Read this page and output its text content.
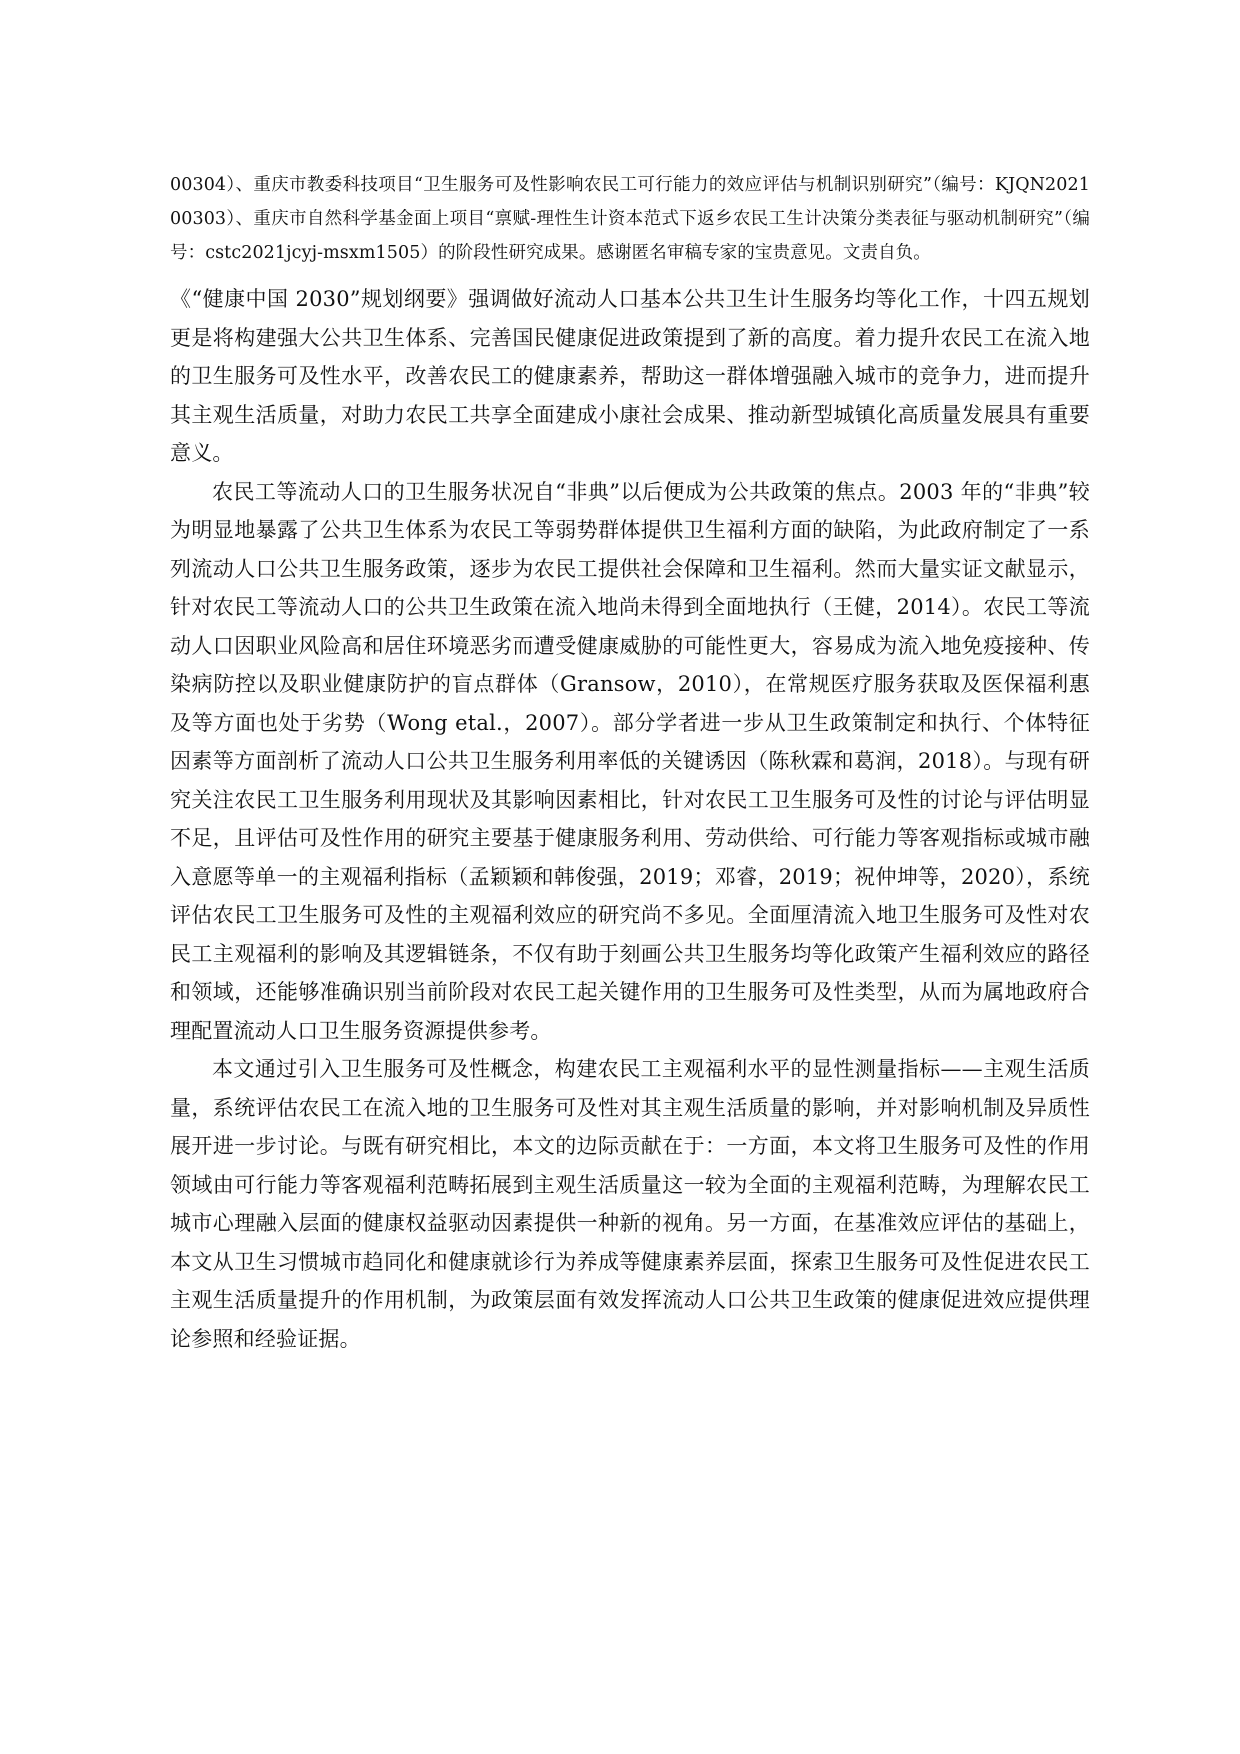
00304）、重庆市教委科技项目“卫生服务可及性影响农民工可行能力的效应评估与机制识别研究”（编号：KJQN2021 00303）、重庆市自然科学基金面上项目“禀赋-理性生计资本范式下返乡农民工生计决策分类表征与驱动机制研究”（编号：cstc2021jcyj-msxm1505）的阶段性研究成果。感谢匿名审稿专家的宝贵意见。文责自负。

《“健康中国 2030”规划纲要》强调做好流动人口基本公共卫生计生服务均等化工作，十四五规划更是将构建强大公共卫生体系、完善国民健康促进政策提到了新的高度。着力提升农民工在流入地的卫生服务可及性水平，改善农民工的健康素养，帮助这一群体增强融入城市的竞争力，进而提升其主观生活质量，对助力农民工共享全面建成小康社会成果、推动新型城镇化高质量发展具有重要意义。

农民工等流动人口的卫生服务状况自“非典”以后便成为公共政策的焦点。2003 年的“非典”较为明显地暴露了公共卫生体系为农民工等弱势群体提供卫生福利方面的缺陷，为此政府制定了一系列流动人口公共卫生服务政策，逐步为农民工提供社会保障和卫生福利。然而大量实证文献显示，针对农民工等流动人口的公共卫生政策在流入地尚未得到全面地执行（王健，2014）。农民工等流动人口因职业风险高和居住环境恶劣而遭受健康威胁的可能性更大，容易成为流入地免疫接种、传染病防控以及职业健康防护的盲点群体（Gransow，2010），在常规医疗服务获取及医保福利惠及等方面也处于劣势（Wong etal.，2007）。部分学者进一步从卫生政策制定和执行、个体特征因素等方面剖析了流动人口公共卫生服务利用率低的关键诱因（陈秋霖和葛润，2018）。与现有研究关注农民工卫生服务利用现状及其影响因素相比，针对农民工卫生服务可及性的讨论与评估明显不足，且评估可及性作用的研究主要基于健康服务利用、劳动供给、可行能力等客观指标或城市融入意愿等单一的主观福利指标（孟颖颖和韩俊强，2019；邓睿，2019；祝仲坤等，2020），系统评估农民工卫生服务可及性的主观福利效应的研究尚不多见。全面厘清流入地卫生服务可及性对农民工主观福利的影响及其逻辑链条，不仅有助于刻画公共卫生服务均等化政策产生福利效应的路径和领域，还能够准确识别当前阶段对农民工起关键作用的卫生服务可及性类型，从而为属地政府合理配置流动人口卫生服务资源提供参考。

本文通过引入卫生服务可及性概念，构建农民工主观福利水平的显性测量指标——主观生活质量，系统评估农民工在流入地的卫生服务可及性对其主观生活质量的影响，并对影响机制及异质性展开进一步讨论。与既有研究相比，本文的边际贡献在于：一方面，本文将卫生服务可及性的作用领域由可行能力等客观福利范畴拓展到主观生活质量这一较为全面的主观福利范畴，为理解农民工城市心理融入层面的健康权益驱动因素提供一种新的视角。另一方面，在基准效应评估的基础上，本文从卫生习惯城市趋同化和健康就诊行为养成等健康素养层面，探索卫生服务可及性促进农民工主观生活质量提升的作用机制，为政策层面有效发挥流动人口公共卫生政策的健康促进效应提供理论参照和经验证据。
